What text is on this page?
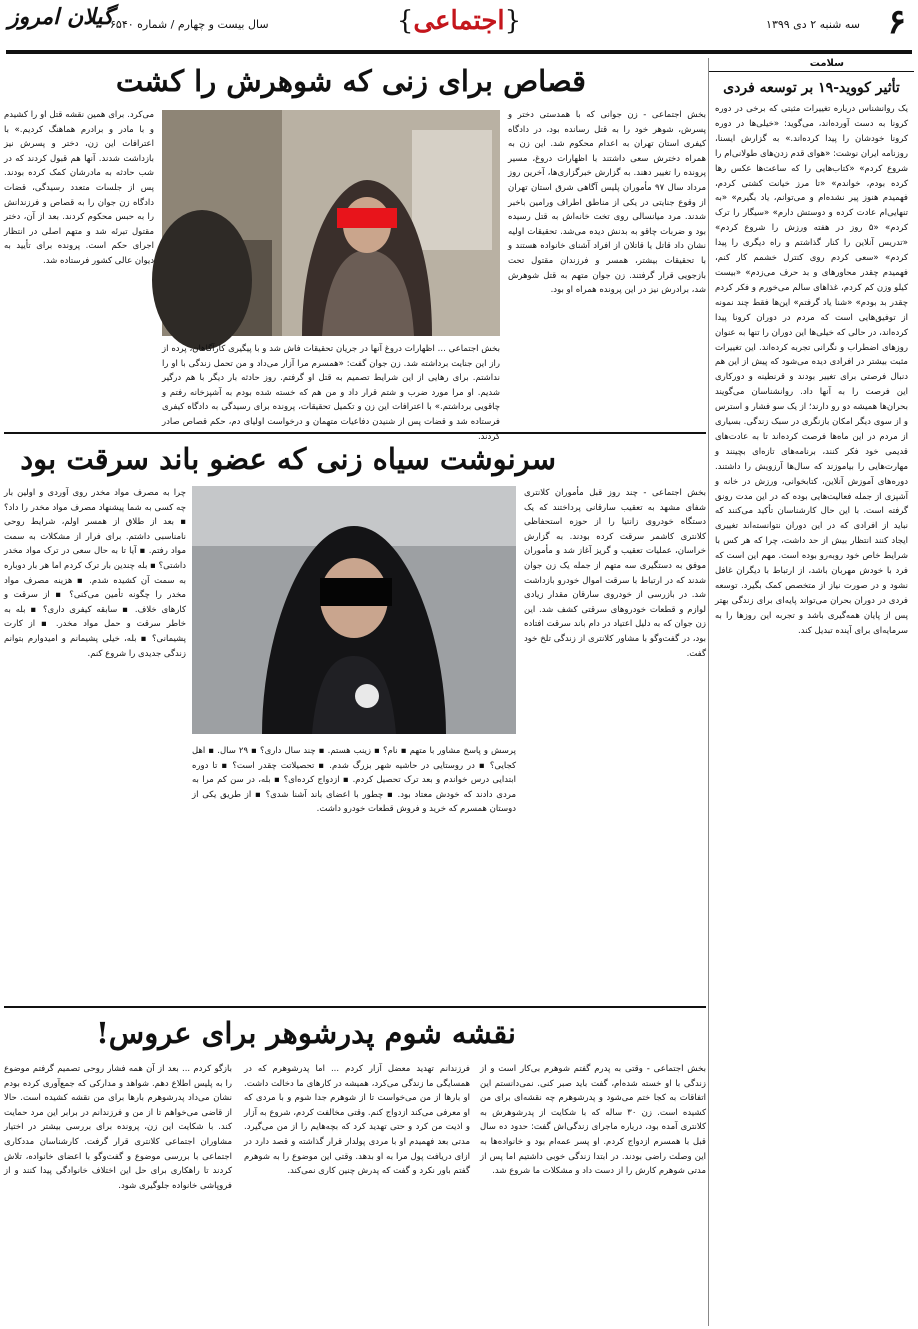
۶
سه شنبه ۲ دی ۱۳۹۹
{اجتماعی}
سال بیست و چهارم / شماره ۶۵۴۰
گیلان امروز
سلامت
تأثیر کووید-۱۹ بر توسعه فردی
یک روانشناس درباره تغییرات مثبتی که برخی در دوره کرونا به دست آورده‌اند، می‌گوید: «خیلی‌ها در دوره کرونا خودشان را پیدا کرده‌اند.» به گزارش ایسنا، روزنامه ایران نوشت: «هوای قدم زدن‌های طولانی‌ام را شروع کردم» «کتاب‌هایی را که ساعت‌ها عکس رها کرده بودم، خواندم» «تا مرز خیانت کشتی کردم، فهمیدم هنوز پیر نشده‌ام و می‌توانم، یاد بگیرم» «به تنهایی‌ام عادت کرده و دوستش دارم» «سیگار را ترک کردم» «۵ روز در هفته ورزش را شروع کردم» «تدریس آنلاین را کنار گذاشتم و راه دیگری را پیدا کردم» «سعی کردم روی کنترل خشمم کار کنم، فهمیدم چقدر محاورهای و بد حرف می‌زدم» «بیست کیلو وزن کم کردم، غذاهای سالم می‌خورم و فکر کردم چقدر بد بودم» «شنا یاد گرفتم» این‌ها فقط چند نمونه از توفیق‌هایی است که مردم در دوران کرونا پیدا کرده‌اند، در حالی که خیلی‌ها این دوران را تنها به عنوان روزهای اضطراب و نگرانی تجربه کرده‌اند. این تغییرات مثبت بیشتر در افرادی دیده می‌شود که پیش از این هم دنبال فرصتی برای تغییر بودند و قرنطینه و دورکاری این فرصت را به آنها داد. روانشناسان می‌گویند بحران‌ها همیشه دو رو دارند؛ از یک سو فشار و استرس و از سوی دیگر امکان بازنگری در سبک زندگی. بسیاری از مردم در این ماه‌ها فرصت کرده‌اند تا به عادت‌های قدیمی خود فکر کنند، برنامه‌های تازه‌ای بچینند و مهارت‌هایی را بیاموزند که سال‌ها آرزویش را داشتند. دوره‌های آموزش آنلاین، کتابخوانی، ورزش در خانه و آشپزی از جمله فعالیت‌هایی بوده که در این مدت رونق گرفته است. با این حال کارشناسان تأکید می‌کنند که نباید از افرادی که در این دوران نتوانسته‌اند تغییری ایجاد کنند انتظار بیش از حد داشت، چرا که هر کس با شرایط خاص خود روبه‌رو بوده است. مهم این است که فرد با خودش مهربان باشد، از ارتباط با دیگران غافل نشود و در صورت نیاز از متخصص کمک بگیرد. توسعه فردی در دوران بحران می‌تواند پایه‌ای برای زندگی بهتر پس از پایان همه‌گیری باشد و تجربه این روزها را به سرمایه‌ای برای آینده تبدیل کند.
قصاص برای زنی که شوهرش را کشت
بخش اجتماعی - زن جوانی که با همدستی دختر و پسرش، شوهر خود را به قتل رسانده بود، در دادگاه کیفری استان تهران به اعدام محکوم شد. این زن به همراه دخترش سعی داشتند با اظهارات دروغ، مسیر پرونده را تغییر دهند. به گزارش خبرگزاری‌ها، آخرین روز مرداد سال ۹۷ مأموران پلیس آگاهی شرق استان تهران از وقوع جنایتی در یکی از مناطق اطراف ورامین باخبر شدند. مرد میانسالی روی تخت خانه‌اش به قتل رسیده بود و ضربات چاقو به بدنش دیده می‌شد. تحقیقات اولیه نشان داد قاتل یا قاتلان از افراد آشنای خانواده هستند و با تحقیقات بیشتر، همسر و فرزندان مقتول تحت بازجویی قرار گرفتند. زن جوان متهم به قتل شوهرش شد، برادرش نیز در این پرونده همراه او بود.
بخش اجتماعی ... اظهارات دروغ آنها در جریان تحقیقات فاش شد و با پیگیری کارآگاهان، پرده از راز این جنایت برداشته شد. زن جوان گفت: «همسرم مرا آزار می‌داد و من تحمل زندگی با او را نداشتم. برای رهایی از این شرایط تصمیم به قتل او گرفتم. روز حادثه بار دیگر با هم درگیر شدیم. او مرا مورد ضرب و شتم قرار داد و من هم که خسته شده بودم به آشپزخانه رفتم و چاقویی برداشتم.» با اعترافات این زن و تکمیل تحقیقات، پرونده برای رسیدگی به دادگاه کیفری فرستاده شد و قضات پس از شنیدن دفاعیات متهمان و درخواست اولیای دم، حکم قصاص صادر کردند.
می‌کرد. برای همین نقشه قتل او را کشیدم و با مادر و برادرم هماهنگ کردیم.» با اعترافات این زن، دختر و پسرش نیز بازداشت شدند. آنها هم قبول کردند که در شب حادثه به مادرشان کمک کرده بودند. پس از جلسات متعدد رسیدگی، قضات دادگاه زن جوان را به قصاص و فرزندانش را به حبس محکوم کردند. بعد از آن، دختر مقتول تبرئه شد و متهم اصلی در انتظار اجرای حکم است. پرونده برای تأیید به دیوان عالی کشور فرستاده شد.
سرنوشت سیاه زنی که عضو باند سرقت بود
بخش اجتماعی - چند روز قبل مأموران کلانتری شفای مشهد به تعقیب سارقانی پرداختند که یک دستگاه خودروی زانتیا را از حوزه استحفاظی کلانتری کاشمر سرقت کرده بودند. به گزارش خراسان، عملیات تعقیب و گریز آغاز شد و مأموران موفق به دستگیری سه متهم از جمله یک زن جوان شدند که در ارتباط با سرقت اموال خودرو بازداشت شد. در بازرسی از خودروی سارقان مقدار زیادی لوازم و قطعات خودروهای سرقتی کشف شد. این زن جوان که به دلیل اعتیاد در دام باند سرقت افتاده بود، در گفت‌وگو با مشاور کلانتری از زندگی تلخ خود گفت.
پرسش و پاسخ مشاور با متهم ▪ نام؟ ▪ زینب هستم. ▪ چند سال داری؟ ▪ ۲۹ سال. ▪ اهل کجایی؟ ▪ در روستایی در حاشیه شهر بزرگ شدم. ▪ تحصیلاتت چقدر است؟ ▪ تا دوره ابتدایی درس خواندم و بعد ترک تحصیل کردم. ▪ ازدواج کرده‌ای؟ ▪ بله، در سن کم مرا به مردی دادند که خودش معتاد بود. ▪ چطور با اعضای باند آشنا شدی؟ ▪ از طریق یکی از دوستان همسرم که خرید و فروش قطعات خودرو داشت.
چرا به مصرف مواد مخدر روی آوردی و اولین بار چه کسی به شما پیشنهاد مصرف مواد مخدر را داد؟ ▪ بعد از طلاق از همسر اولم، شرایط روحی نامناسبی داشتم. برای فرار از مشکلات به سمت مواد رفتم. ▪ آیا تا به حال سعی در ترک مواد مخدر داشتی؟ ▪ بله چندین بار ترک کردم اما هر بار دوباره به سمت آن کشیده شدم. ▪ هزینه مصرف مواد مخدر را چگونه تأمین می‌کنی؟ ▪ از سرقت و کارهای خلاف. ▪ سابقه کیفری داری؟ ▪ بله به خاطر سرقت و حمل مواد مخدر. ▪ از کارت پشیمانی؟ ▪ بله، خیلی پشیمانم و امیدوارم بتوانم زندگی جدیدی را شروع کنم.
نقشه شوم پدرشوهر برای عروس!
بخش اجتماعی - وقتی به پدرم گفتم شوهرم بی‌کار است و از زندگی با او خسته شده‌ام، گفت باید صبر کنی. نمی‌دانستم این اتفاقات به کجا ختم می‌شود و پدرشوهرم چه نقشه‌ای برای من کشیده است. زن ۳۰ ساله که با شکایت از پدرشوهرش به کلانتری آمده بود، درباره ماجرای زندگی‌اش گفت: حدود ده سال قبل با همسرم ازدواج کردم. او پسر عمه‌ام بود و خانواده‌ها به این وصلت راضی بودند. در ابتدا زندگی خوبی داشتیم اما پس از مدتی شوهرم کارش را از دست داد و مشکلات ما شروع شد.
فرزندانم تهدید معضل آزار کردم ... اما پدرشوهرم که در همسایگی ما زندگی می‌کرد، همیشه در کارهای ما دخالت داشت. او بارها از من می‌خواست تا از شوهرم جدا شوم و با مردی که او معرفی می‌کند ازدواج کنم. وقتی مخالفت کردم، شروع به آزار و اذیت من کرد و حتی تهدید کرد که بچه‌هایم را از من می‌گیرد. مدتی بعد فهمیدم او با مردی پولدار قرار گذاشته و قصد دارد در ازای دریافت پول مرا به او بدهد. وقتی این موضوع را به شوهرم گفتم باور نکرد و گفت که پدرش چنین کاری نمی‌کند.
بازگو کردم ... بعد از آن همه فشار روحی تصمیم گرفتم موضوع را به پلیس اطلاع دهم. شواهد و مدارکی که جمع‌آوری کرده بودم نشان می‌داد پدرشوهرم بارها برای من نقشه کشیده است. حالا از قاضی می‌خواهم تا از من و فرزندانم در برابر این مرد حمایت کند. با شکایت این زن، پرونده برای بررسی بیشتر در اختیار مشاوران اجتماعی کلانتری قرار گرفت. کارشناسان مددکاری اجتماعی با بررسی موضوع و گفت‌وگو با اعضای خانواده، تلاش کردند تا راهکاری برای حل این اختلاف خانوادگی پیدا کنند و از فروپاشی خانواده جلوگیری شود.
